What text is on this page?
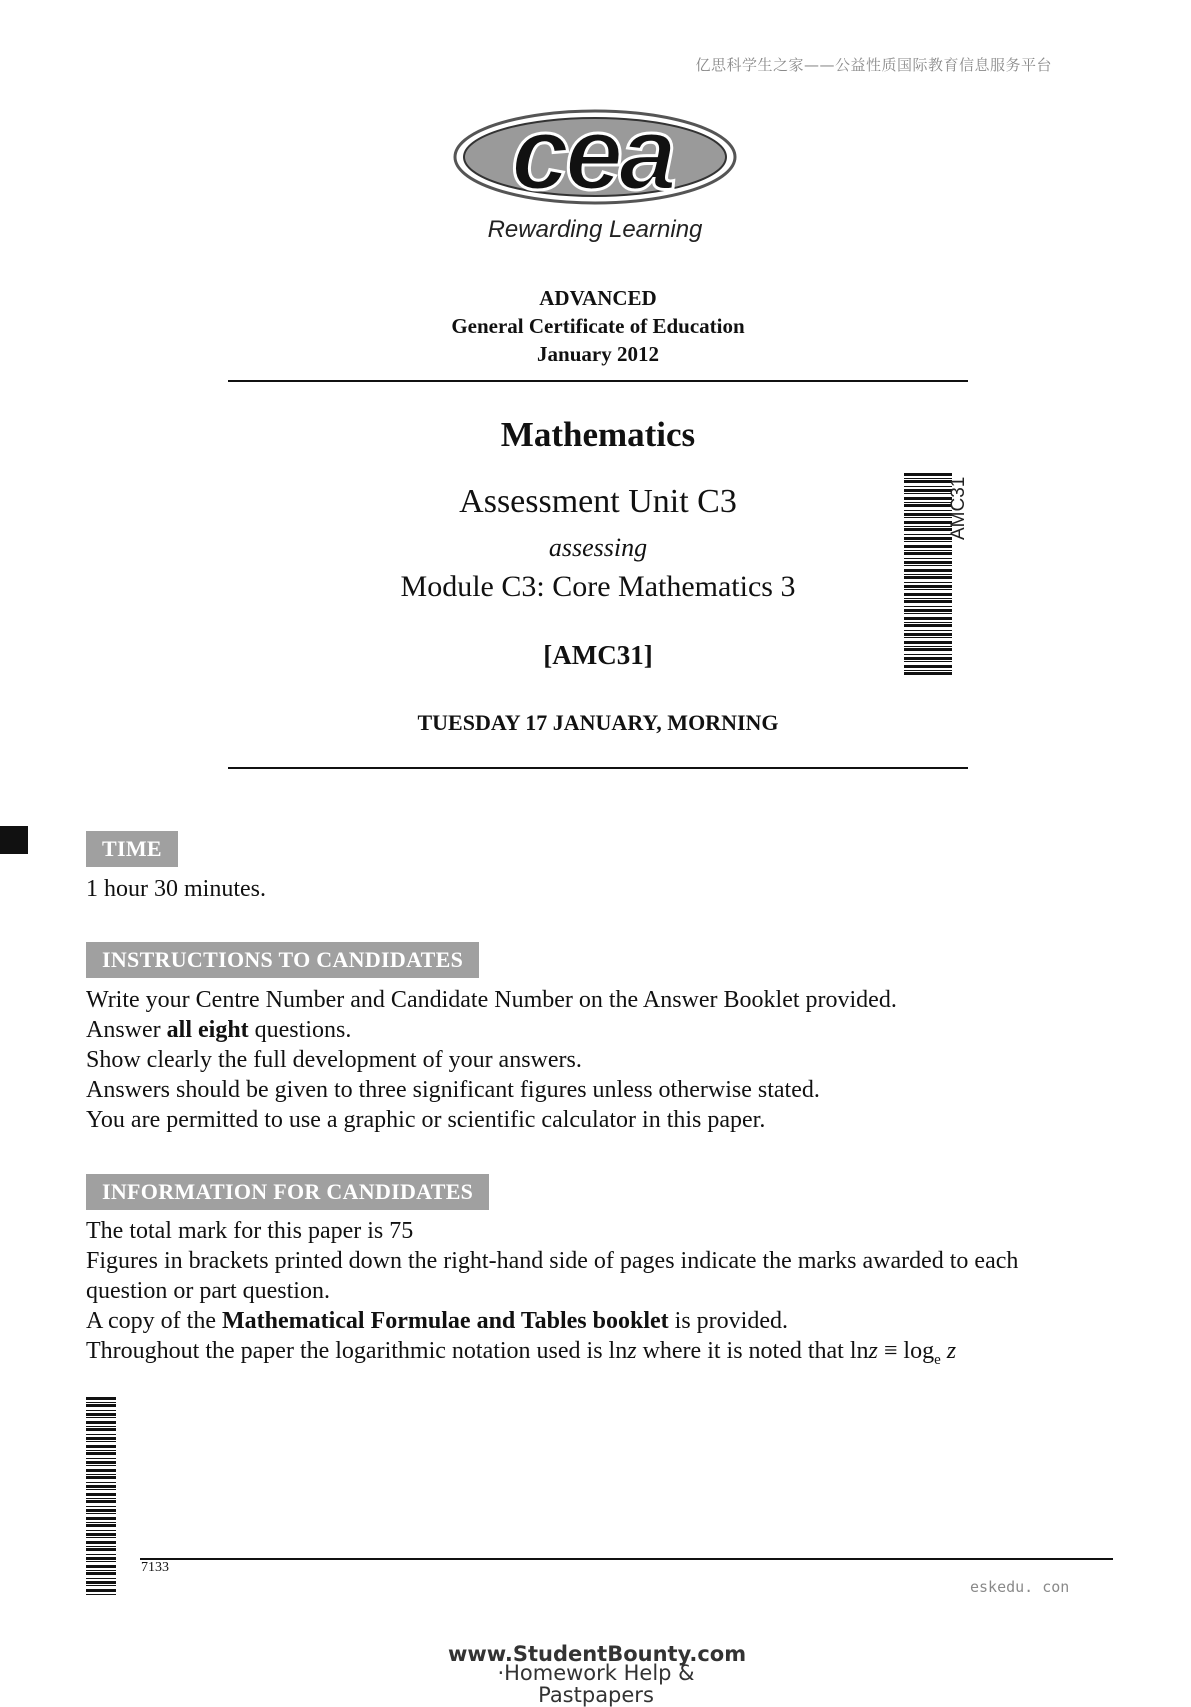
亿思科学生之家——公益性质国际教育信息服务平台
cea
Rewarding Learning
ADVANCED
General Certificate of Education
January 2012
Mathematics
Assessment Unit C3
assessing
Module C3: Core Mathematics 3
[AMC31]
TUESDAY 17 JANUARY, MORNING
AMC31
TIME
1 hour 30 minutes.
INSTRUCTIONS TO CANDIDATES
Write your Centre Number and Candidate Number on the Answer Booklet provided.
Answer all eight questions.
Show clearly the full development of your answers.
Answers should be given to three significant figures unless otherwise stated.
You are permitted to use a graphic or scientific calculator in this paper.
INFORMATION FOR CANDIDATES
The total mark for this paper is 75
Figures in brackets printed down the right-hand side of pages indicate the marks awarded to each
question or part question.
A copy of the Mathematical Formulae and Tables booklet is provided.
Throughout the paper the logarithmic notation used is lnz where it is noted that $\ln z \equiv \log_e z$
7133
eskedu. con
www.StudentBounty.com
·Homework Help & Pastpapers
